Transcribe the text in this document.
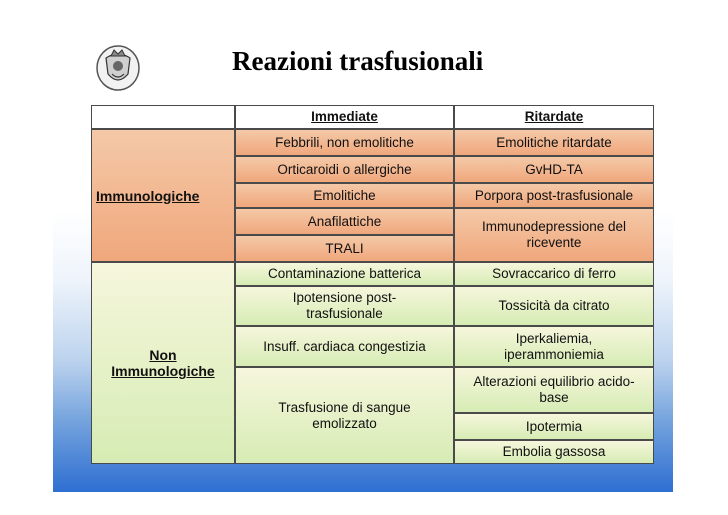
Reazioni trasfusionali
Immediate	Ritardate
Immunologiche
Febbrili, non emolitiche
Orticaroidi o allergiche
Emolitiche
Anafilattiche
TRALI
Emolitiche ritardate
GvHD-TA
Porpora post-trasfusionale
Immunodepressione del ricevente
Non Immunologiche
Contaminazione batterica
Ipotensione post-trasfusionale
Insuff. cardiaca congestizia
Trasfusione di sangue emolizzato
Sovraccarico di ferro
Tossicità da citrato
Iperkaliemia, iperammoniemia
Alterazioni equilibrio acido-base
Ipotermia
Embolia gassosa
